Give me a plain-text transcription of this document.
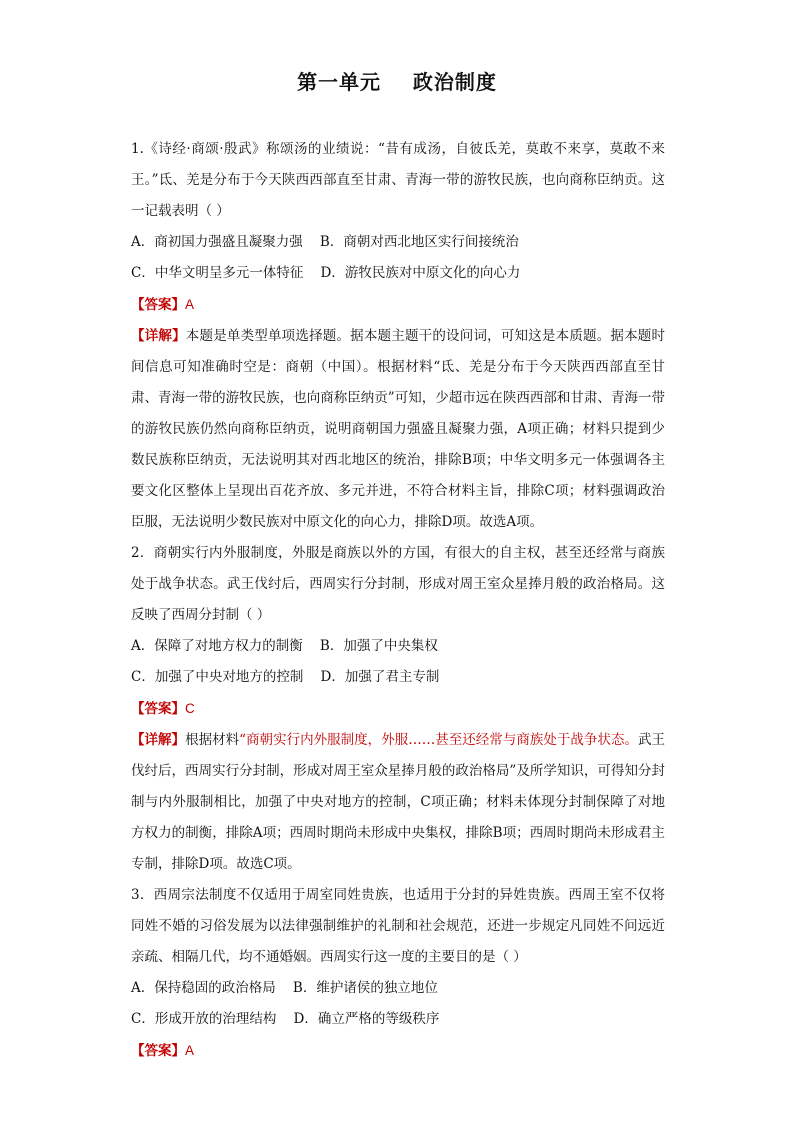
第一单元    政治制度

1.《诗经·商颂·殷武》称颂汤的业绩说：“昔有成汤，自彼氐羌，莫敢不来享，莫敢不来王。”氐、羌是分布于今天陕西西部直至甘肃、青海一带的游牧民族，也向商称臣纳贡。这一记载表明（ ）

A．商初国力强盛且凝聚力强    B．商朝对西北地区实行间接统治

C．中华文明呈多元一体特征    D．游牧民族对中原文化的向心力

【答案】A

【详解】本题是单类型单项选择题。据本题主题干的设问词，可知这是本质题。据本题时间信息可知准确时空是：商朝（中国）。根据材料“氐、羌是分布于今天陕西西部直至甘肃、青海一带的游牧民族，也向商称臣纳贡”可知，少超市远在陕西西部和甘肃、青海一带的游牧民族仍然向商称臣纳贡，说明商朝国力强盛且凝聚力强，A项正确；材料只提到少数民族称臣纳贡，无法说明其对西北地区的统治，排除B项；中华文明多元一体强调各主要文化区整体上呈现出百花齐放、多元并进，不符合材料主旨，排除C项；材料强调政治臣服，无法说明少数民族对中原文化的向心力，排除D项。故选A项。

2．商朝实行内外服制度，外服是商族以外的方国，有很大的自主权，甚至还经常与商族处于战争状态。武王伐纣后，西周实行分封制，形成对周王室众星捧月般的政治格局。这反映了西周分封制（ ）

A．保障了对地方权力的制衡    B．加强了中央集权

C．加强了中央对地方的控制    D．加强了君主专制

【答案】C

【详解】根据材料“商朝实行内外服制度，外服……甚至还经常与商族处于战争状态。武王伐纣后，西周实行分封制，形成对周王室众星捧月般的政治格局”及所学知识，可得知分封制与内外服制相比，加强了中央对地方的控制，C项正确；材料未体现分封制保障了对地方权力的制衡，排除A项；西周时期尚未形成中央集权，排除B项；西周时期尚未形成君主专制，排除D项。故选C项。

3．西周宗法制度不仅适用于周室同姓贵族，也适用于分封的异姓贵族。西周王室不仅将同姓不婚的习俗发展为以法律强制维护的礼制和社会规范，还进一步规定凡同姓不问远近亲疏、相隔几代，均不通婚姻。西周实行这一度的主要目的是（ ）

A．保持稳固的政治格局    B．维护诸侯的独立地位

C．形成开放的治理结构    D．确立严格的等级秩序

【答案】A
